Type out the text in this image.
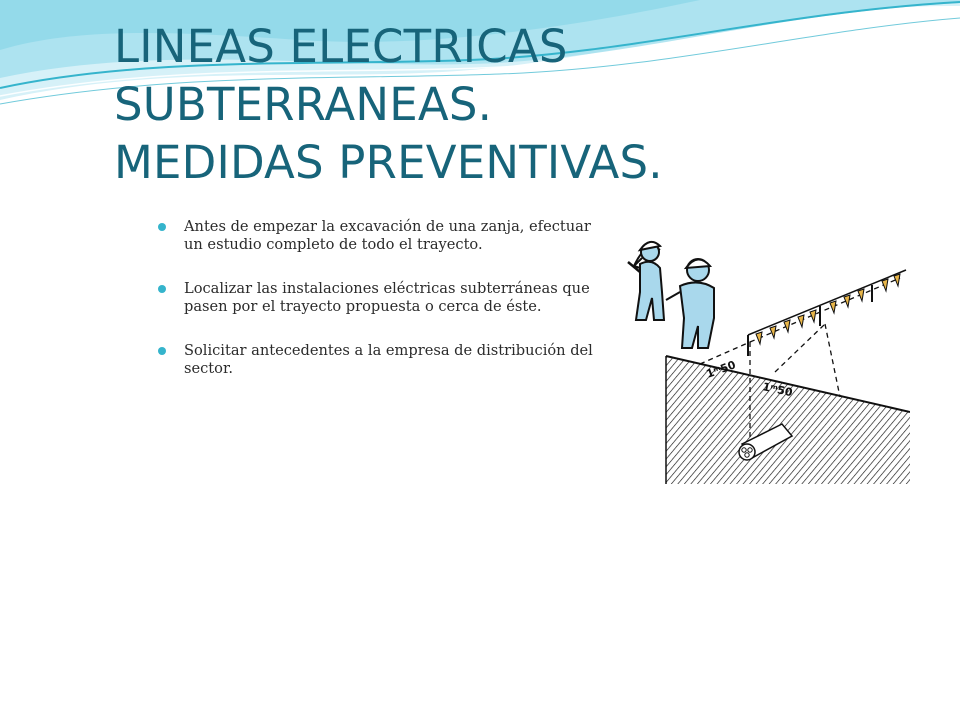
LINEAS ELECTRICAS
SUBTERRANEAS.
MEDIDAS PREVENTIVAS.
Antes de empezar la excavación de una zanja, efectuar un estudio completo de todo el trayecto.
Localizar las instalaciones eléctricas subterráneas que pasen por el trayecto propuesta o cerca de éste.
Solicitar antecedentes a la empresa de distribución del sector.	1ᵐ50
1ᵐ50
